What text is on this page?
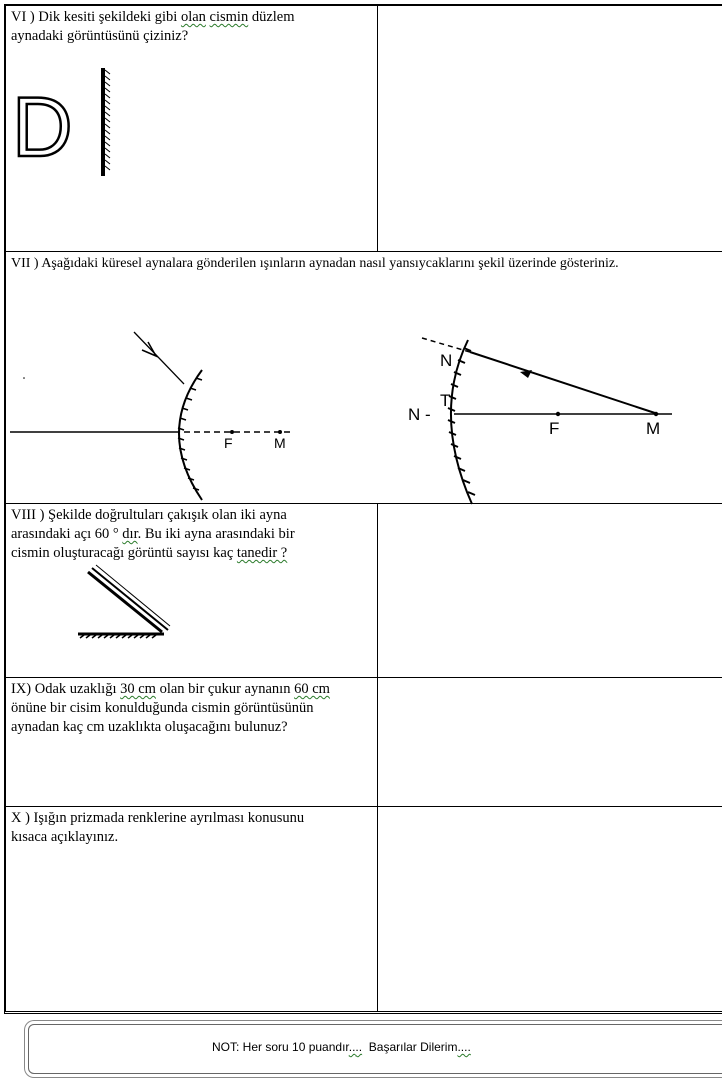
VI ) Dik kesiti şekildeki gibi olan cismin düzlem
aynadaki görüntüsünü çiziniz?

D

VII ) Aşağıdaki küresel aynalara gönderilen ışınların aynadan nasıl yansıycaklarını şekil üzerinde gösteriniz.

F	M
N
T
N -
F	M

VIII ) Şekilde doğrultuları çakışık olan iki ayna
arasındaki açı 60 ° dır. Bu iki ayna arasındaki bir
cismin oluşturacağı görüntü sayısı kaç tanedir ?

IX) Odak uzaklığı 30 cm olan bir çukur aynanın 60 cm
önüne bir cisim konulduğunda cismin görüntüsünün
aynadan kaç cm uzaklıkta oluşacağını bulunuz?

X ) Işığın prizmada renklerine ayrılması konusunu
kısaca açıklayınız.

NOT: Her soru 10 puandır....  Başarılar Dilerim....
